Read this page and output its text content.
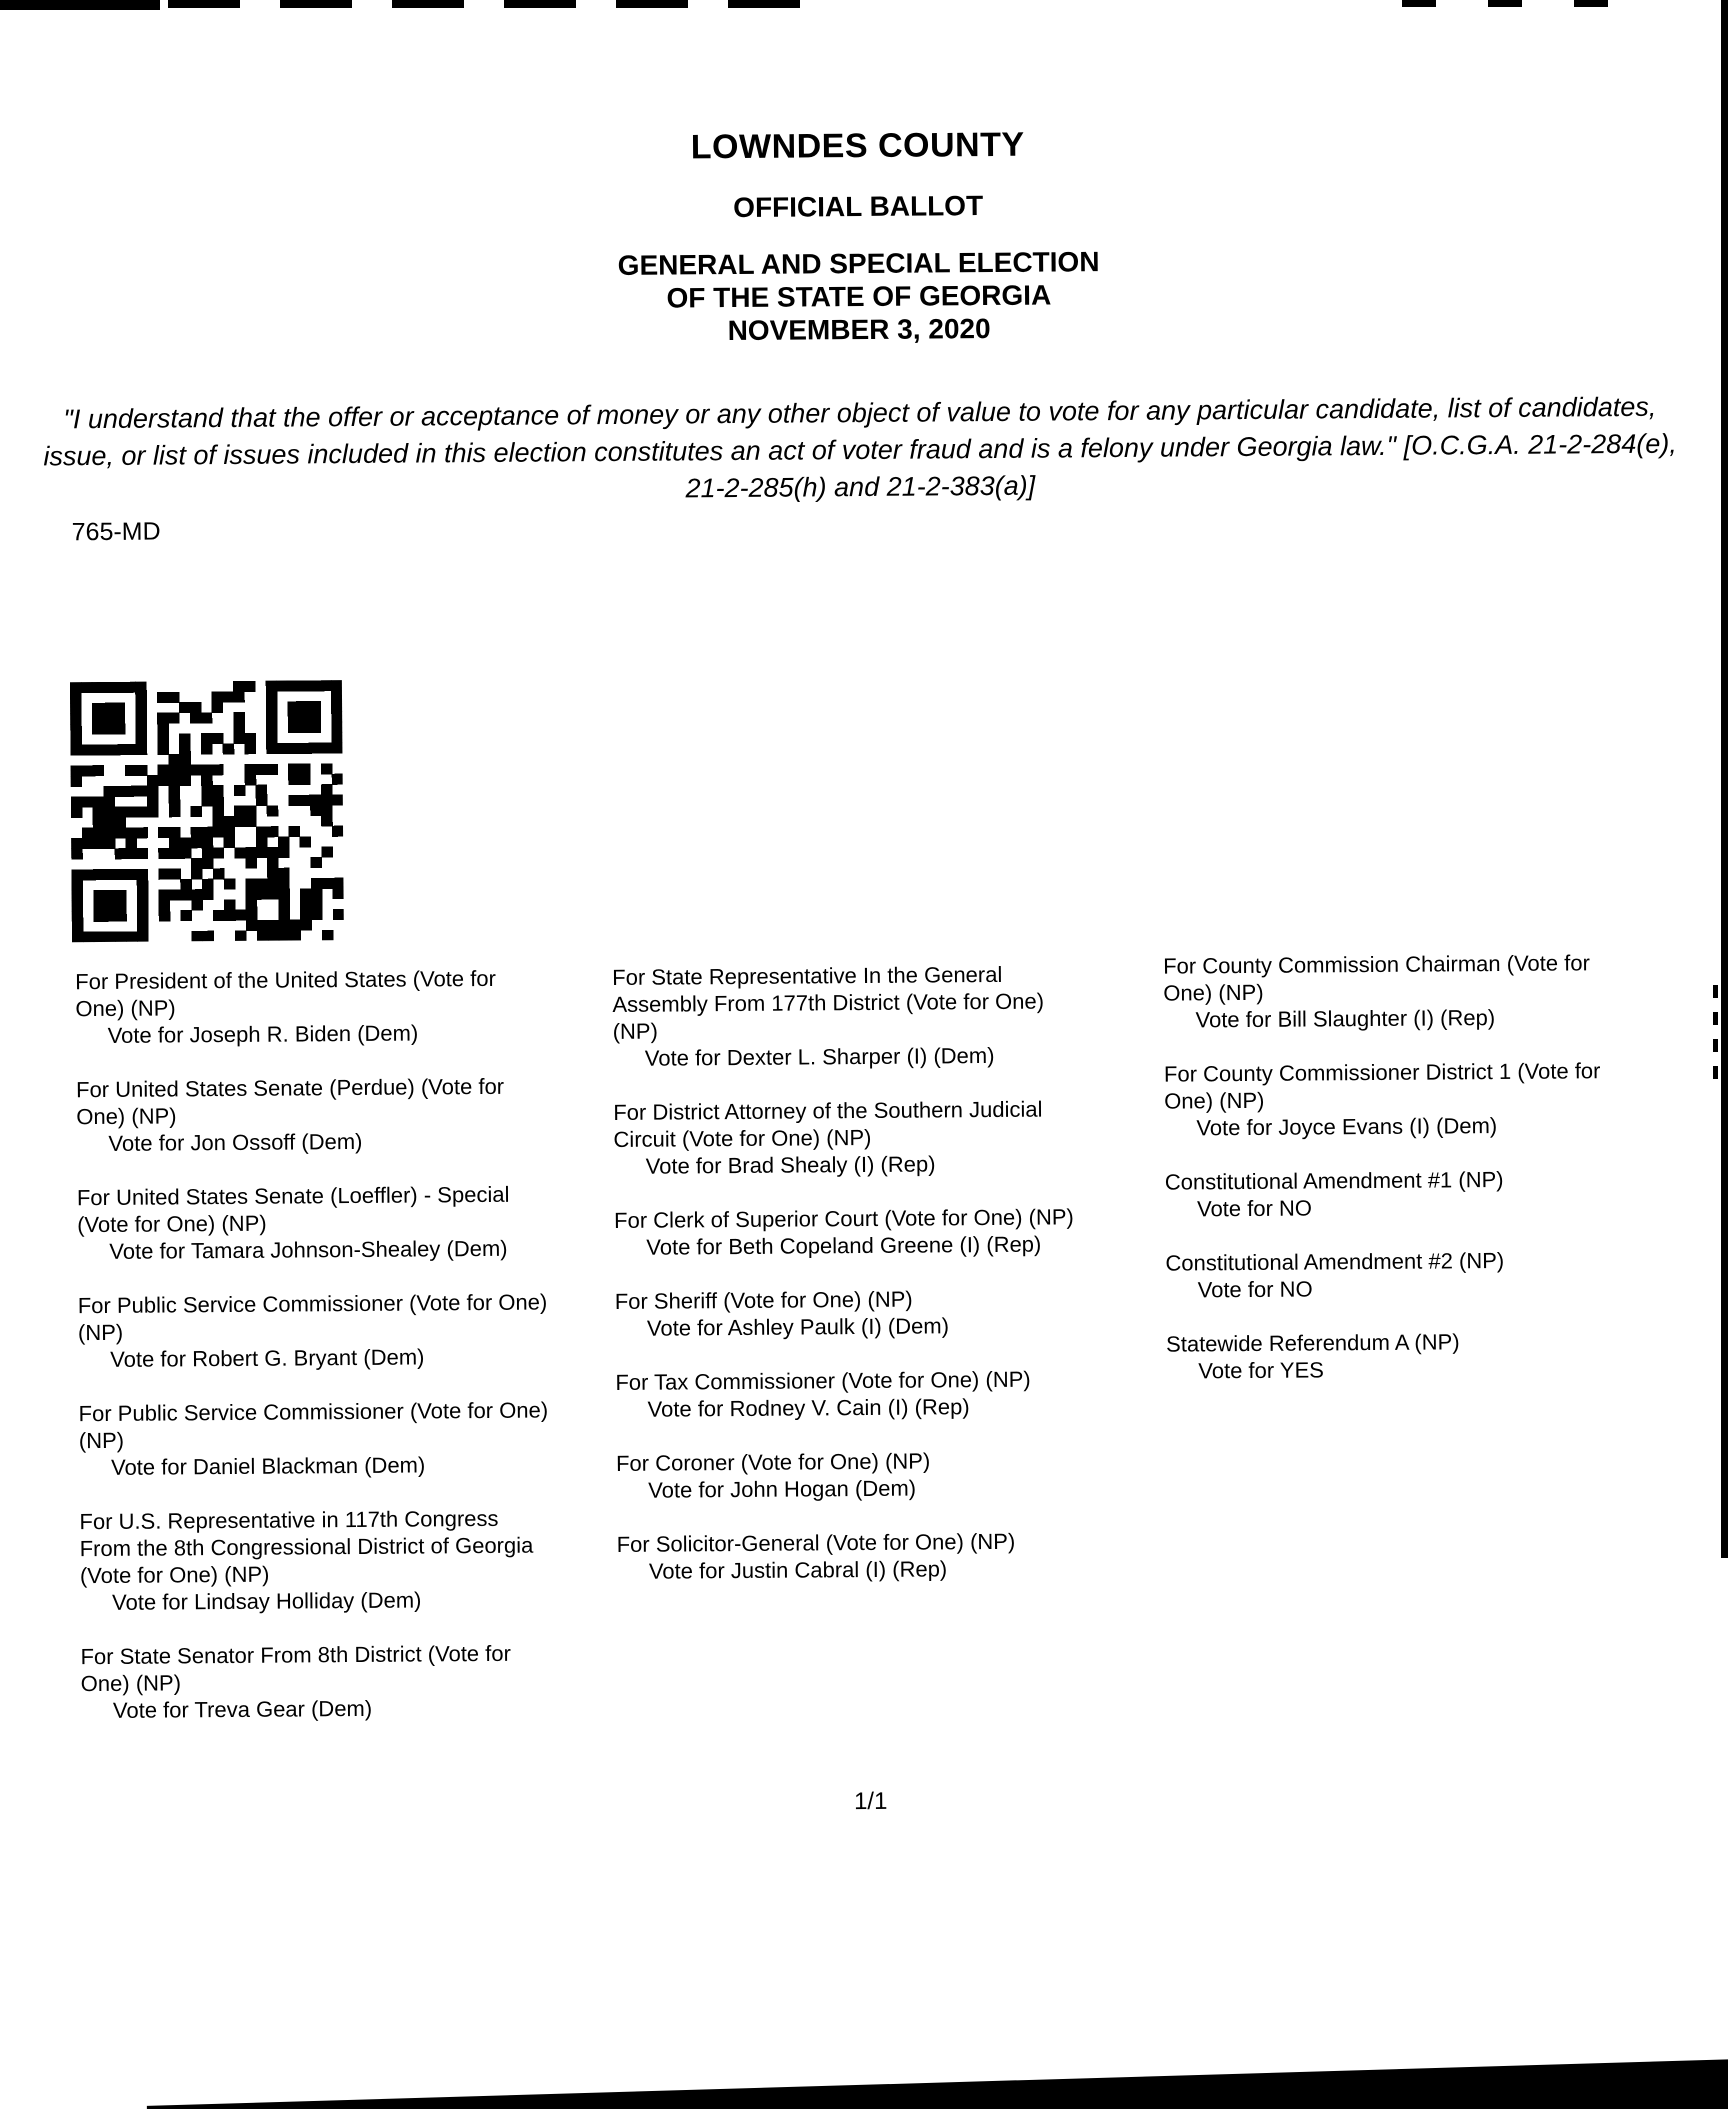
LOWNDES COUNTY
OFFICIAL BALLOT
GENERAL AND SPECIAL ELECTION
OF THE STATE OF GEORGIA
NOVEMBER 3, 2020

"I understand that the offer or acceptance of money or any other object of value to vote for any particular candidate, list of candidates, issue, or list of issues included in this election constitutes an act of voter fraud and is a felony under Georgia law." [O.C.G.A. 21-2-284(e), 21-2-285(h) and 21-2-383(a)]

765-MD
For President of the United States (Vote for One) (NP)
Vote for Joseph R. Biden (Dem)
For United States Senate (Perdue) (Vote for One) (NP)
Vote for Jon Ossoff (Dem)
For United States Senate (Loeffler) - Special (Vote for One) (NP)
Vote for Tamara Johnson-Shealey (Dem)
For Public Service Commissioner (Vote for One) (NP)
Vote for Robert G. Bryant (Dem)
For Public Service Commissioner (Vote for One) (NP)
Vote for Daniel Blackman (Dem)
For U.S. Representative in 117th Congress From the 8th Congressional District of Georgia (Vote for One) (NP)
Vote for Lindsay Holliday (Dem)
For State Senator From 8th District (Vote for One) (NP)
Vote for Treva Gear (Dem)
For State Representative In the General Assembly From 177th District (Vote for One) (NP)
Vote for Dexter L. Sharper (I) (Dem)
For District Attorney of the Southern Judicial Circuit (Vote for One) (NP)
Vote for Brad Shealy (I) (Rep)
For Clerk of Superior Court (Vote for One) (NP)
Vote for Beth Copeland Greene (I) (Rep)
For Sheriff (Vote for One) (NP)
Vote for Ashley Paulk (I) (Dem)
For Tax Commissioner (Vote for One) (NP)
Vote for Rodney V. Cain (I) (Rep)
For Coroner (Vote for One) (NP)
Vote for John Hogan (Dem)
For Solicitor-General (Vote for One) (NP)
Vote for Justin Cabral (I) (Rep)
For County Commission Chairman (Vote for One) (NP)
Vote for Bill Slaughter (I) (Rep)
For County Commissioner District 1 (Vote for One) (NP)
Vote for Joyce Evans (I) (Dem)
Constitutional Amendment #1 (NP)
Vote for NO
Constitutional Amendment #2 (NP)
Vote for NO
Statewide Referendum A (NP)
Vote for YES
1/1
